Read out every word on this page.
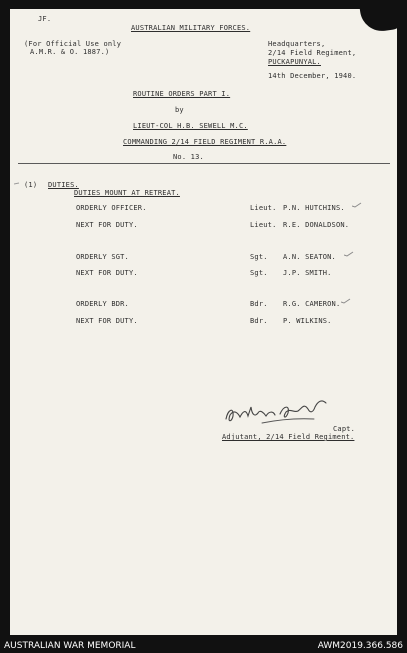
JF.
AUSTRALIAN MILITARY FORCES.
(For Official Use only
A.M.R. & O. 1887.)
Headquarters,
2/14 Field Regiment,
PUCKAPUNYAL.
14th December, 1940.
ROUTINE ORDERS PART I.
by
LIEUT-COL H.B. SEWELL M.C.
COMMANDING 2/14 FIELD REGIMENT R.A.A.
No. 13.
(1) DUTIES.
DUTIES MOUNT AT RETREAT.
ORDERLY OFFICER.	Lieut. P.N. HUTCHINS.
NEXT FOR DUTY.	Lieut. R.E. DONALDSON.
ORDERLY SGT.	Sgt. A.N. SEATON.
NEXT FOR DUTY.	Sgt. J.P. SMITH.
ORDERLY BDR.	Bdr. R.G. CAMERON.
NEXT FOR DUTY.	Bdr. P. WILKINS.
Capt.
Adjutant, 2/14 Field Regiment.
AUSTRALIAN WAR MEMORIAL	AWM2019.366.586
